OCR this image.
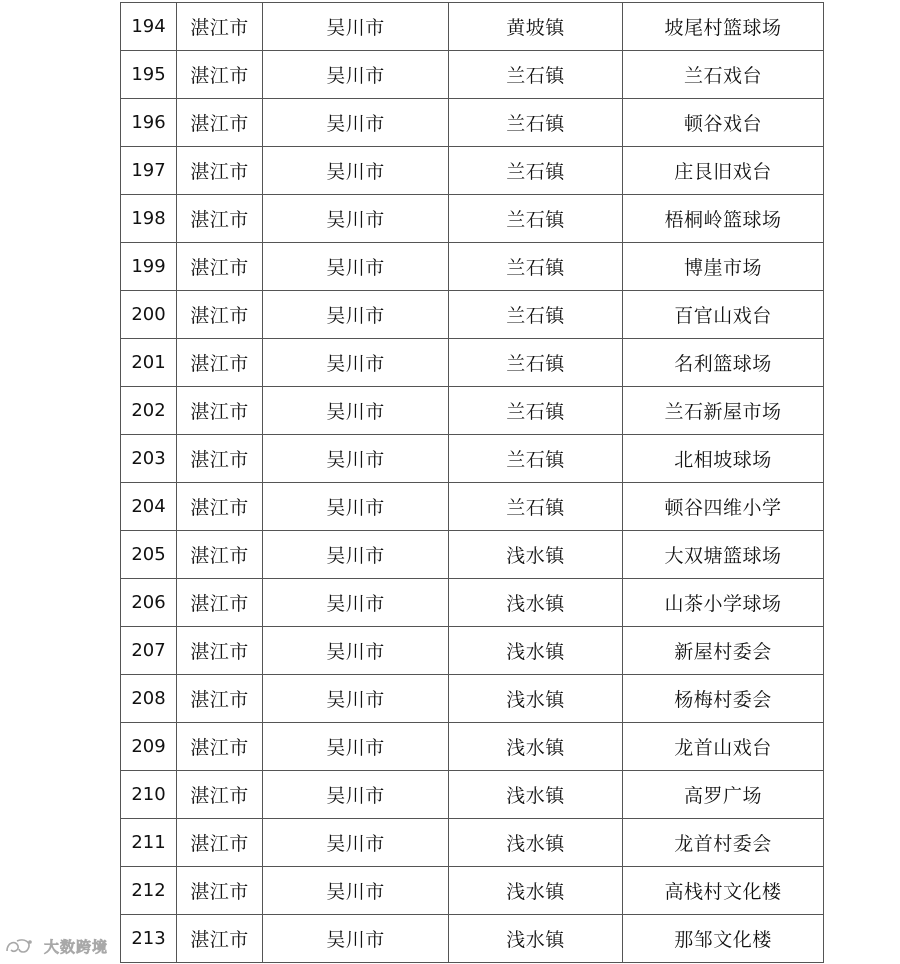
194	湛江市	吴川市	黄坡镇	坡尾村篮球场
195	湛江市	吴川市	兰石镇	兰石戏台
196	湛江市	吴川市	兰石镇	顿谷戏台
197	湛江市	吴川市	兰石镇	庄艮旧戏台
198	湛江市	吴川市	兰石镇	梧桐岭篮球场
199	湛江市	吴川市	兰石镇	博崖市场
200	湛江市	吴川市	兰石镇	百官山戏台
201	湛江市	吴川市	兰石镇	名利篮球场
202	湛江市	吴川市	兰石镇	兰石新屋市场
203	湛江市	吴川市	兰石镇	北相坡球场
204	湛江市	吴川市	兰石镇	顿谷四维小学
205	湛江市	吴川市	浅水镇	大双塘篮球场
206	湛江市	吴川市	浅水镇	山茶小学球场
207	湛江市	吴川市	浅水镇	新屋村委会
208	湛江市	吴川市	浅水镇	杨梅村委会
209	湛江市	吴川市	浅水镇	龙首山戏台
210	湛江市	吴川市	浅水镇	高罗广场
211	湛江市	吴川市	浅水镇	龙首村委会
212	湛江市	吴川市	浅水镇	高栈村文化楼
213	湛江市	吴川市	浅水镇	那邹文化楼
大数跨境
